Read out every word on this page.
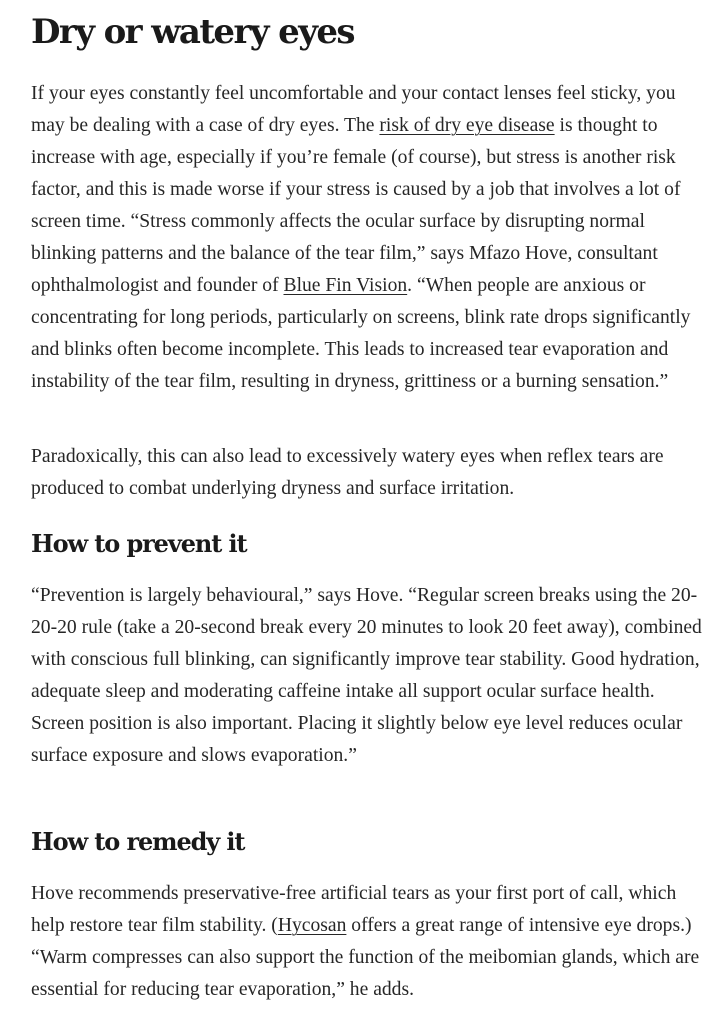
Dry or watery eyes

If your eyes constantly feel uncomfortable and your contact lenses feel sticky, you may be dealing with a case of dry eyes. The risk of dry eye disease is thought to increase with age, especially if you’re female (of course), but stress is another risk factor, and this is made worse if your stress is caused by a job that involves a lot of screen time. “Stress commonly affects the ocular surface by disrupting normal blinking patterns and the balance of the tear film,” says Mfazo Hove, consultant ophthalmologist and founder of Blue Fin Vision. “When people are anxious or concentrating for long periods, particularly on screens, blink rate drops significantly and blinks often become incomplete. This leads to increased tear evaporation and instability of the tear film, resulting in dryness, grittiness or a burning sensation.”

Paradoxically, this can also lead to excessively watery eyes when reflex tears are produced to combat underlying dryness and surface irritation.

How to prevent it

“Prevention is largely behavioural,” says Hove. “Regular screen breaks using the 20-20-20 rule (take a 20-second break every 20 minutes to look 20 feet away), combined with conscious full blinking, can significantly improve tear stability. Good hydration, adequate sleep and moderating caffeine intake all support ocular surface health. Screen position is also important. Placing it slightly below eye level reduces ocular surface exposure and slows evaporation.”

How to remedy it

Hove recommends preservative-free artificial tears as your first port of call, which help restore tear film stability. (Hycosan offers a great range of intensive eye drops.) “Warm compresses can also support the function of the meibomian glands, which are essential for reducing tear evaporation,” he adds.
